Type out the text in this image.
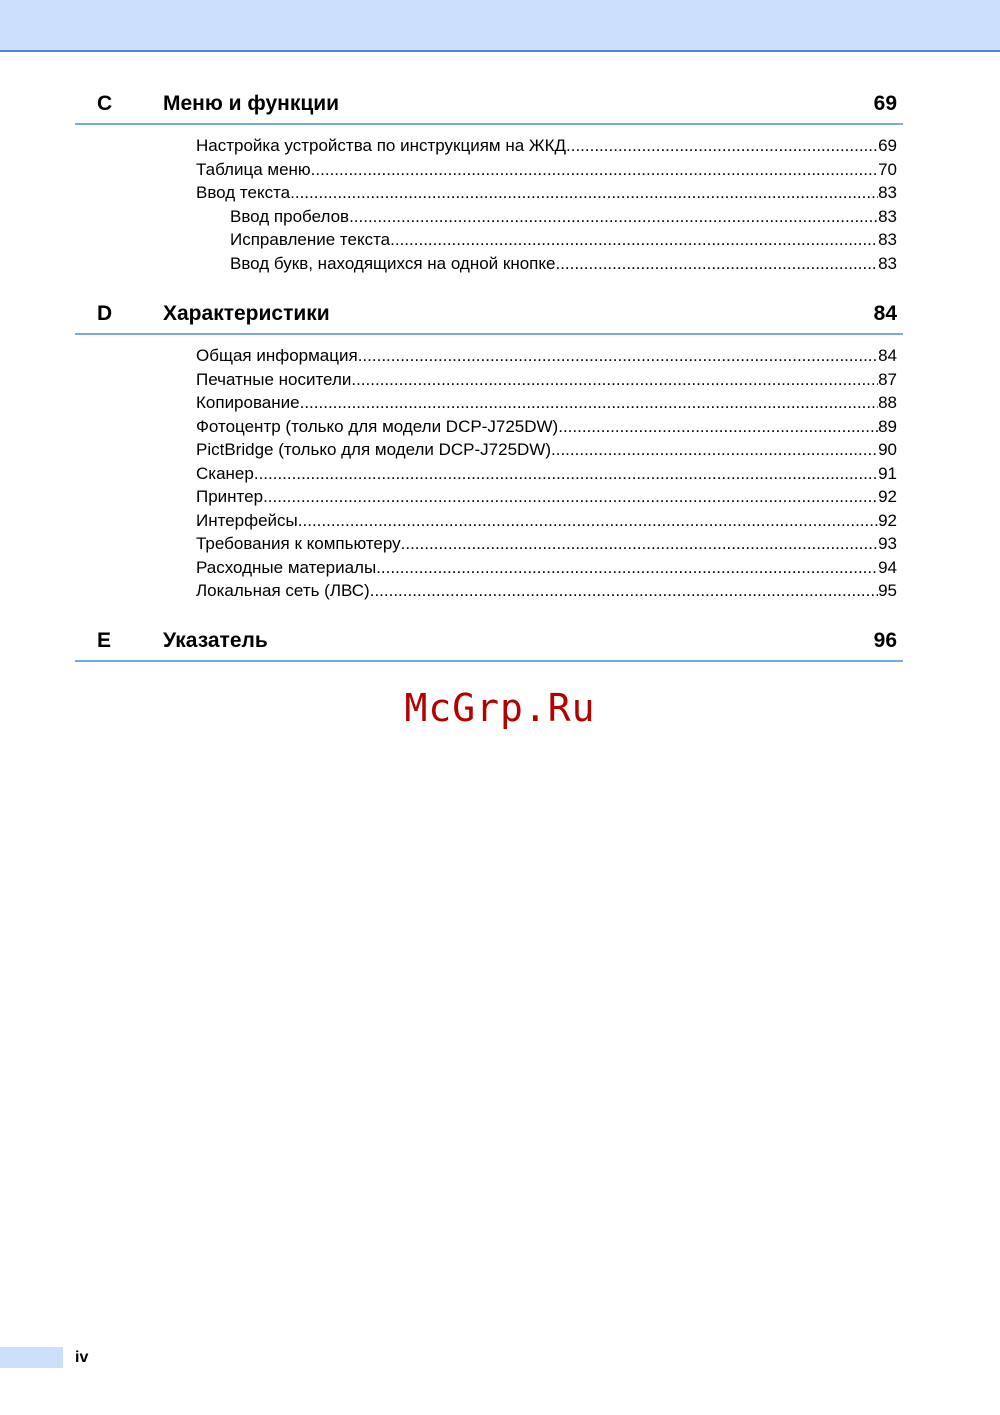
C Меню и функции	69
Настройка устройства по инструкциям на ЖКД .....	69
Таблица меню .....	70
Ввод текста .....	83
Ввод пробелов .....	83
Исправление текста .....	83
Ввод букв, находящихся на одной кнопке .....	83
D Характеристики	84
Общая информация .....	84
Печатные носители .....	87
Копирование .....	88
Фотоцентр (только для модели DCP-J725DW) .....	89
PictBridge (только для модели DCP-J725DW) .....	90
Сканер .....	91
Принтер .....	92
Интерфейсы .....	92
Требования к компьютеру .....	93
Расходные материалы .....	94
Локальная сеть (ЛВС) .....	95
E Указатель	96
McGrp.Ru
iv
